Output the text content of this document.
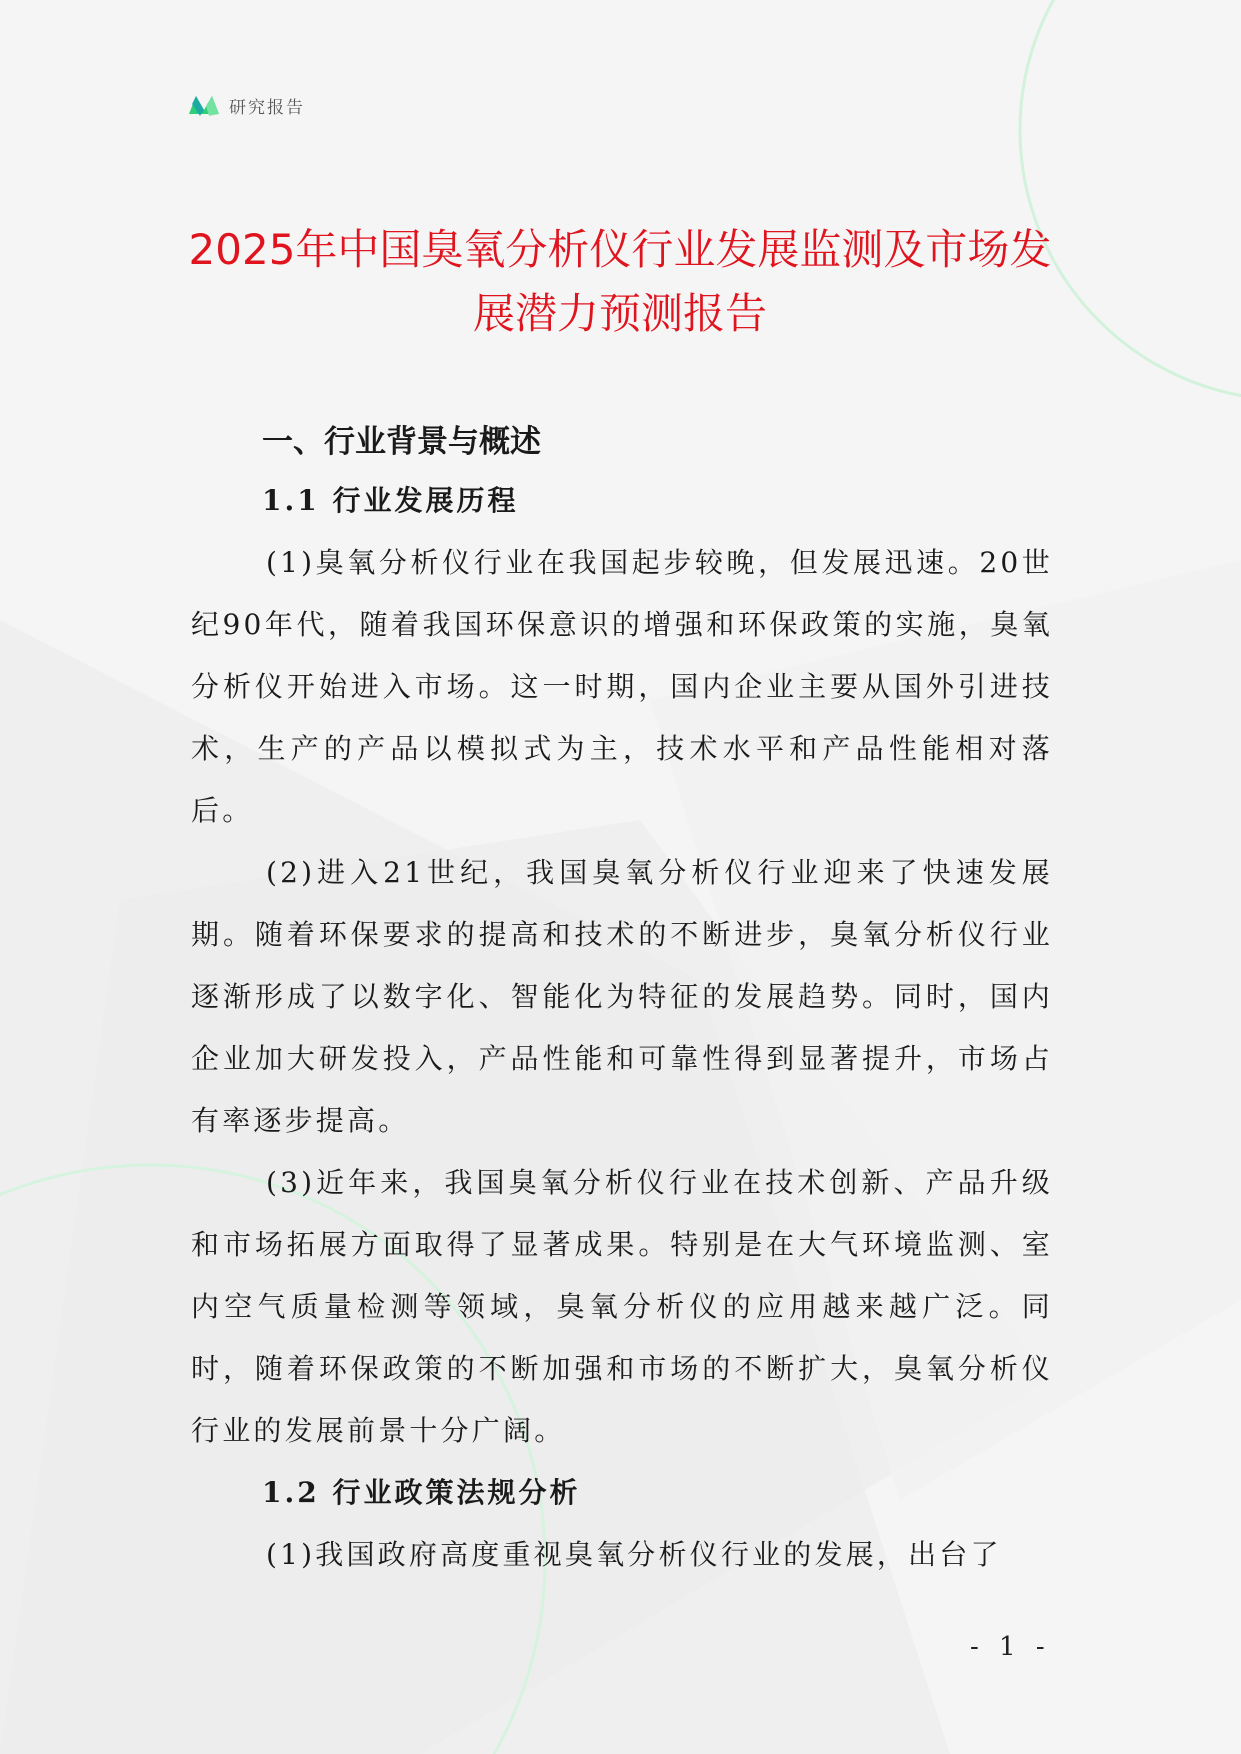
研究报告
2025年中国臭氧分析仪行业发展监测及市场发展潜力预测报告
一、行业背景与概述
1.1 行业发展历程

(1)臭氧分析仪行业在我国起步较晚，但发展迅速。20世纪90年代，随着我国环保意识的增强和环保政策的实施，臭氧分析仪开始进入市场。这一时期，国内企业主要从国外引进技术，生产的产品以模拟式为主，技术水平和产品性能相对落后。

(2)进入21世纪，我国臭氧分析仪行业迎来了快速发展期。随着环保要求的提高和技术的不断进步，臭氧分析仪行业逐渐形成了以数字化、智能化为特征的发展趋势。同时，国内企业加大研发投入，产品性能和可靠性得到显著提升，市场占有率逐步提高。

(3)近年来，我国臭氧分析仪行业在技术创新、产品升级和市场拓展方面取得了显著成果。特别是在大气环境监测、室内空气质量检测等领域，臭氧分析仪的应用越来越广泛。同时，随着环保政策的不断加强和市场的不断扩大，臭氧分析仪行业的发展前景十分广阔。

1.2 行业政策法规分析

(1)我国政府高度重视臭氧分析仪行业的发展，出台了

- 1 -
